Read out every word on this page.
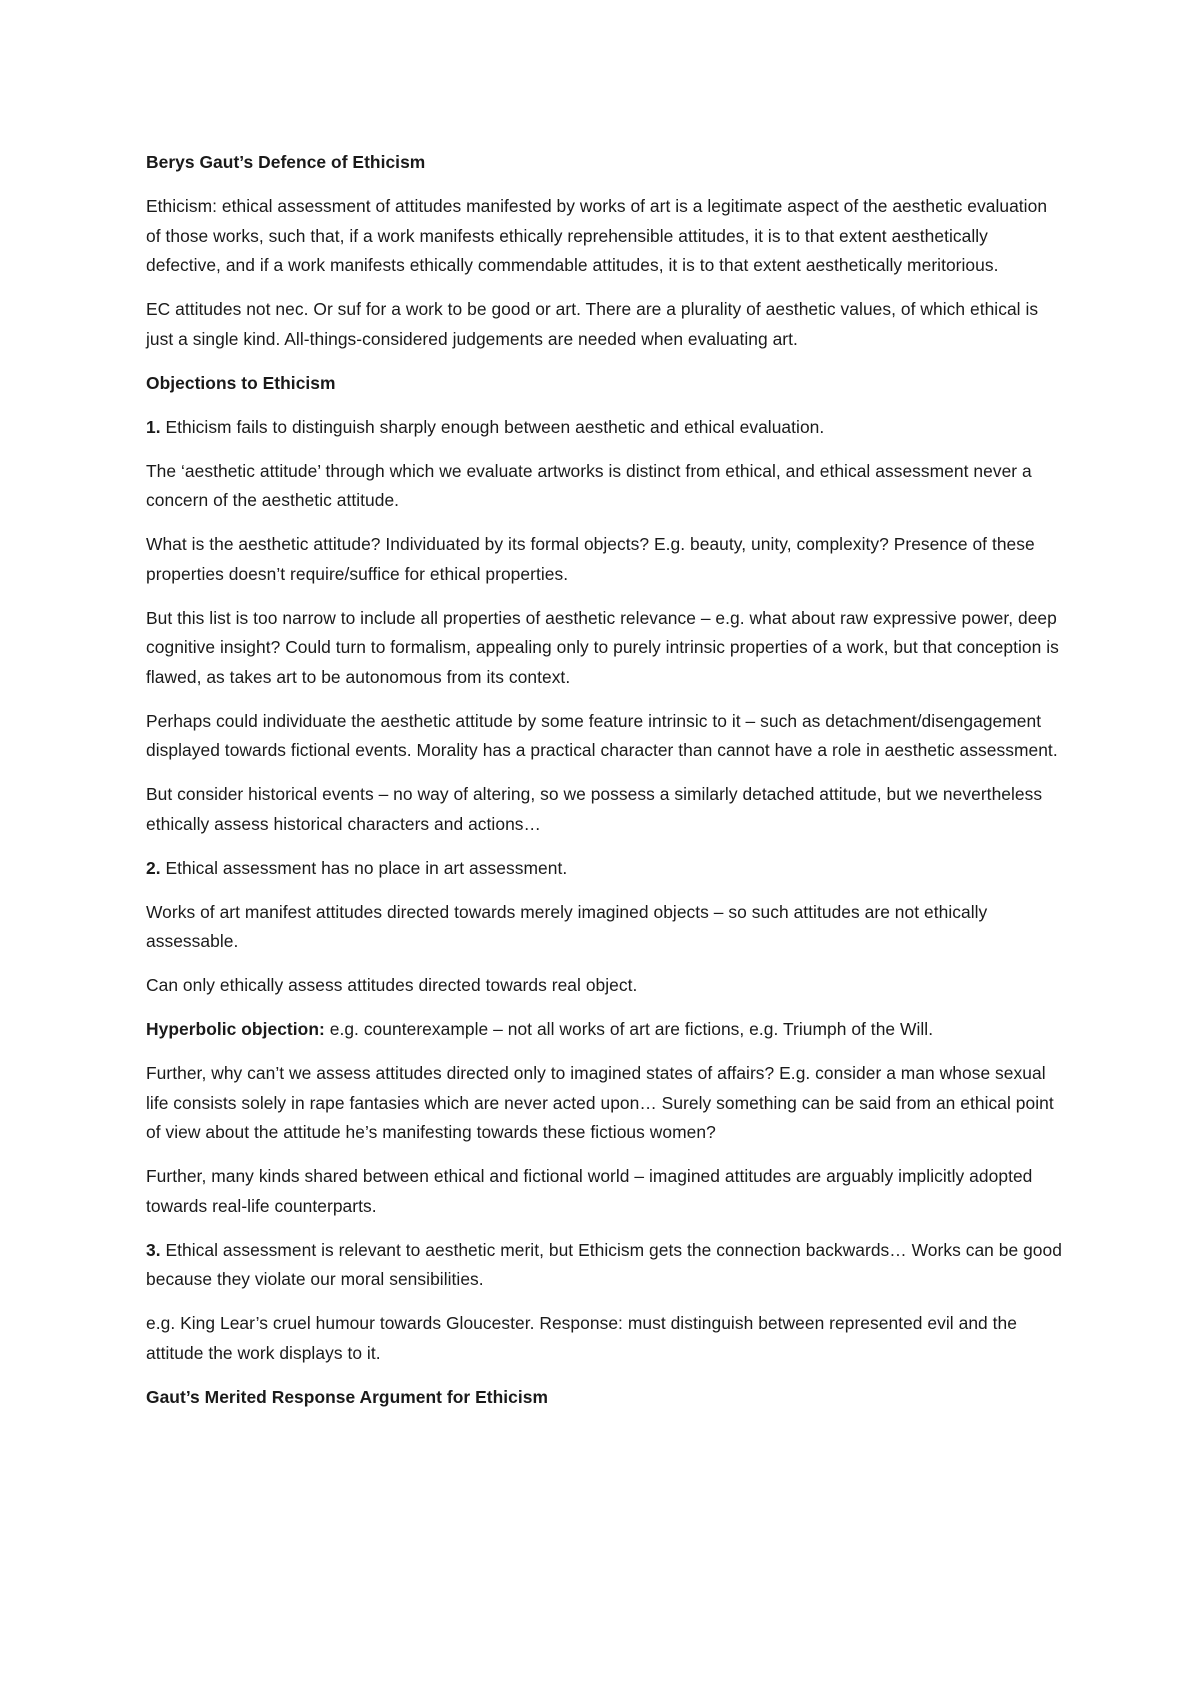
Berys Gaut’s Defence of Ethicism

Ethicism: ethical assessment of attitudes manifested by works of art is a legitimate aspect of the aesthetic evaluation of those works, such that, if a work manifests ethically reprehensible attitudes, it is to that extent aesthetically defective, and if a work manifests ethically commendable attitudes, it is to that extent aesthetically meritorious.

EC attitudes not nec. Or suf for a work to be good or art. There are a plurality of aesthetic values, of which ethical is just a single kind. All-things-considered judgements are needed when evaluating art.

Objections to Ethicism

1. Ethicism fails to distinguish sharply enough between aesthetic and ethical evaluation.

The ‘aesthetic attitude’ through which we evaluate artworks is distinct from ethical, and ethical assessment never a concern of the aesthetic attitude.

What is the aesthetic attitude? Individuated by its formal objects? E.g. beauty, unity, complexity? Presence of these properties doesn’t require/suffice for ethical properties.

But this list is too narrow to include all properties of aesthetic relevance – e.g. what about raw expressive power, deep cognitive insight? Could turn to formalism, appealing only to purely intrinsic properties of a work, but that conception is flawed, as takes art to be autonomous from its context.

Perhaps could individuate the aesthetic attitude by some feature intrinsic to it – such as detachment/disengagement displayed towards fictional events. Morality has a practical character than cannot have a role in aesthetic assessment.

But consider historical events – no way of altering, so we possess a similarly detached attitude, but we nevertheless ethically assess historical characters and actions…

2. Ethical assessment has no place in art assessment.

Works of art manifest attitudes directed towards merely imagined objects – so such attitudes are not ethically assessable.

Can only ethically assess attitudes directed towards real object.

Hyperbolic objection: e.g. counterexample – not all works of art are fictions, e.g. Triumph of the Will.

Further, why can’t we assess attitudes directed only to imagined states of affairs? E.g. consider a man whose sexual life consists solely in rape fantasies which are never acted upon… Surely something can be said from an ethical point of view about the attitude he’s manifesting towards these fictious women?

Further, many kinds shared between ethical and fictional world – imagined attitudes are arguably implicitly adopted towards real-life counterparts.

3. Ethical assessment is relevant to aesthetic merit, but Ethicism gets the connection backwards… Works can be good because they violate our moral sensibilities.

e.g. King Lear’s cruel humour towards Gloucester. Response: must distinguish between represented evil and the attitude the work displays to it.

Gaut’s Merited Response Argument for Ethicism
